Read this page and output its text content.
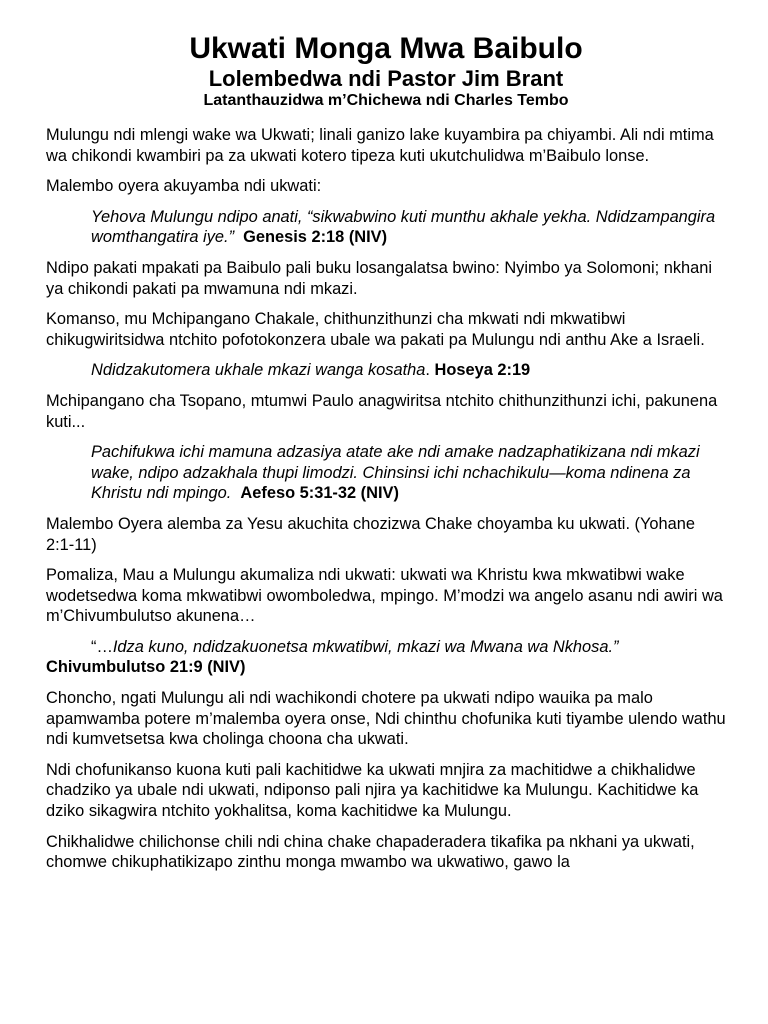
Ukwati Monga Mwa Baibulo
Lolembedwa ndi Pastor Jim Brant
Latanthauzidwa m’Chichewa ndi Charles Tembo

Mulungu ndi mlengi wake wa Ukwati; linali ganizo lake kuyambira pa chiyambi. Ali ndi mtima wa chikondi kwambiri pa za ukwati kotero tipeza kuti ukutchulidwa m’Baibulo lonse.

Malembo oyera akuyamba ndi ukwati:

Yehova Mulungu ndipo anati, “sikwabwino kuti munthu akhale yekha. Ndidzampangira womthangatira iye.” Genesis 2:18 (NIV)

Ndipo pakati mpakati pa Baibulo pali buku losangalatsa bwino: Nyimbo ya Solomoni; nkhani ya chikondi pakati pa mwamuna ndi mkazi.

Komanso, mu Mchipangano Chakale, chithunzithunzi cha mkwati ndi mkwatibwi chikugwiritsidwa ntchito pofotokonzera ubale wa pakati pa Mulungu ndi anthu Ake a Israeli.

Ndidzakutomera ukhale mkazi wanga kosatha. Hoseya 2:19

Mchipangano cha Tsopano, mtumwi Paulo anagwiritsa ntchito chithunzithunzi ichi, pakunena kuti...

Pachifukwa ichi mamuna adzasiya atate ake ndi amake nadzaphatikizana ndi mkazi wake, ndipo adzakhala thupi limodzi. Chinsinsi ichi nchachikulu—koma ndinena za Khristu ndi mpingo. Aefeso 5:31-32 (NIV)

Malembo Oyera alemba za Yesu akuchita chozizwa Chake choyamba ku ukwati. (Yohane 2:1-11)

Pomaliza, Mau a Mulungu akumaliza ndi ukwati: ukwati wa Khristu kwa mkwatibwi wake wodetsedwa koma mkwatibwi owomboledwa, mpingo. M’modzi wa angelo asanu ndi awiri wa m’Chivumbulutso akunena…

“…Idza kuno, ndidzakuonetsa mkwatibwi, mkazi wa Mwana wa Nkhosa.”
Chivumbulutso 21:9 (NIV)

Choncho, ngati Mulungu ali ndi wachikondi chotere pa ukwati ndipo wauika pa malo apamwamba potere m’malemba oyera onse, Ndi chinthu chofunika kuti tiyambe ulendo wathu ndi kumvetsetsa kwa cholinga choona cha ukwati.

Ndi chofunikanso kuona kuti pali kachitidwe ka ukwati mnjira za machitidwe a chikhalidwe chadziko ya ubale ndi ukwati, ndiponso pali njira ya kachitidwe ka Mulungu. Kachitidwe ka dziko sikagwira ntchito yokhalitsa, koma kachitidwe ka Mulungu.

Chikhalidwe chilichonse chili ndi china chake chapaderadera tikafika pa nkhani ya ukwati, chomwe chikuphatikizapo zinthu monga mwambo wa ukwatiwo, gawo la
